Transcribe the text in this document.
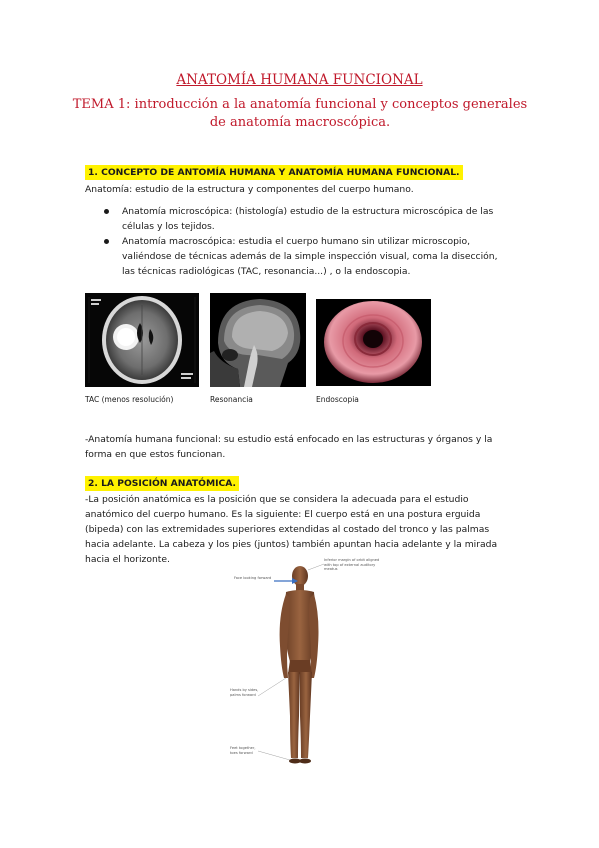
ANATOMÍA HUMANA FUNCIONAL
TEMA 1: introducción a la anatomía funcional y conceptos generales de anatomía macroscópica.
1. CONCEPTO DE ANTOMÍA HUMANA Y ANATOMÍA HUMANA FUNCIONAL.
Anatomía: estudio de la estructura y componentes del cuerpo humano.
Anatomía microscópica: (histología) estudio de la estructura microscópica de las células y los tejidos.
Anatomía macroscópica: estudia el cuerpo humano sin utilizar microscopio, valiéndose de técnicas además de la simple inspección visual, coma la disección, las técnicas radiológicas (TAC, resonancia...) , o la endoscopia.
TAC (menos resolución)	Resonancia	Endoscopia
-Anatomía humana funcional: su estudio está enfocado en las estructuras y órganos y la forma en que estos funcionan.
2. LA POSICIÓN ANATÓMICA.
-La posición anatómica es la posición que se considera la adecuada para el estudio anatómico del cuerpo humano. Es la siguiente: El cuerpo está en una postura erguida (bipeda) con las extremidades superiores extendidas al costado del tronco y las palmas hacia adelante. La cabeza y los pies (juntos) también apuntan hacia adelante y la mirada hacia el horizonte.	Inferior margin of orbit aligned with top of external auditory meatus
Face looking forward
Hands by sides, palms forward
Feet together, toes forward
